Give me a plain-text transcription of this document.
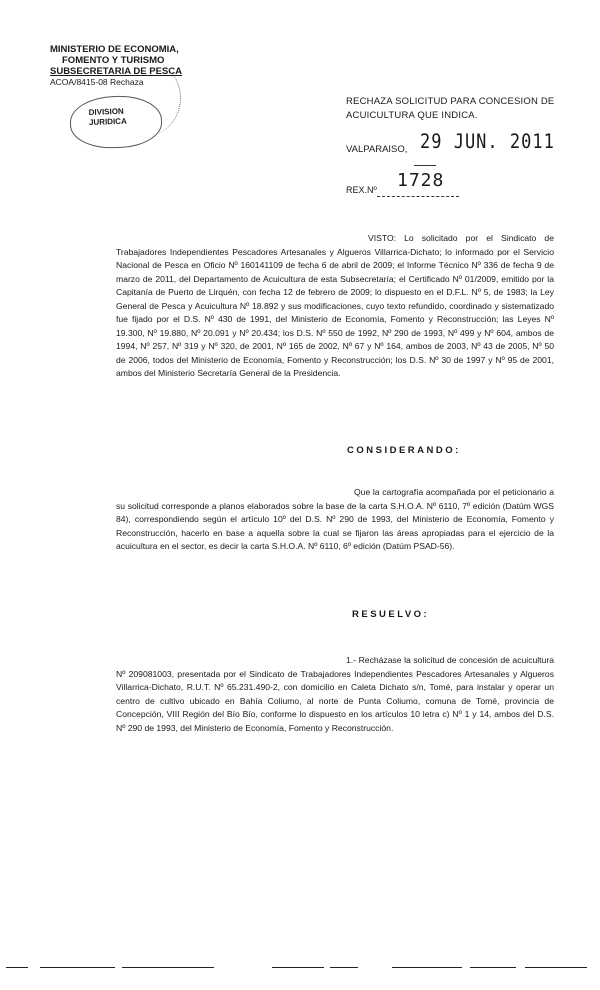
MINISTERIO DE ECONOMIA,
FOMENTO Y TURISMO
SUBSECRETARIA DE PESCA
ACOA/8415-08 Rechaza
DIVISION
JURIDICA
RECHAZA SOLICITUD PARA CONCESION DE ACUICULTURA QUE INDICA.
29 JUN. 2011
VALPARAISO,
1728
REX.Nº
VISTO: Lo solicitado por el Sindicato de Trabajadores Independientes Pescadores Artesanales y Algueros Villarrica-Dichato; lo informado por el Servicio Nacional de Pesca en Oficio Nº 160141109 de fecha 6 de abril de 2009; el Informe Técnico Nº 336 de fecha 9 de marzo de 2011, del Departamento de Acuicultura de esta Subsecretaría; el Certificado Nº 01/2009, emitido por la Capitanía de Puerto de Lirquén, con fecha 12 de febrero de 2009; lo dispuesto en el D.F.L. Nº 5, de 1983; la Ley General de Pesca y Acuicultura Nº 18.892 y sus modificaciones, cuyo texto refundido, coordinado y sistematizado fue fijado por el D.S. Nº 430 de 1991, del Ministerio de Economía, Fomento y Reconstrucción; las Leyes Nº 19.300, Nº 19.880, Nº 20.091 y Nº 20.434; los D.S. Nº 550 de 1992, Nº 290 de 1993, Nº 499 y Nº 604, ambos de 1994, Nº 257, Nº 319 y Nº 320, de 2001, Nº 165 de 2002, Nº 67 y Nº 164, ambos de 2003, Nº 43 de 2005, Nº 50 de 2006, todos del Ministerio de Economía, Fomento y Reconstrucción; los D.S. Nº 30 de 1997 y Nº 95 de 2001, ambos del Ministerio Secretaría General de la Presidencia.
CONSIDERANDO:
Que la cartografía acompañada por el peticionario a su solicitud corresponde a planos elaborados sobre la base de la carta S.H.O.A. Nº 6110, 7º edición (Datúm WGS 84), correspondiendo según el artículo 10º del D.S. Nº 290 de 1993, del Ministerio de Economía, Fomento y Reconstrucción, hacerlo en base a aquella sobre la cual se fijaron las áreas apropiadas para el ejercicio de la acuicultura en el sector, es decir la carta S.H.O.A. Nº 6110, 6º edición (Datúm PSAD-56).
RESUELVO:
1.- Recházase la solicitud de concesión de acuicultura Nº 209081003, presentada por el Sindicato de Trabajadores Independientes Pescadores Artesanales y Algueros Villarrica-Dichato, R.U.T. Nº 65.231.490-2, con domicilio en Caleta Dichato s/n, Tomé, para instalar y operar un centro de cultivo ubicado en Bahía Coliumo, al norte de Punta Coliumo, comuna de Tomé, provincia de Concepción, VIII Región del Bío Bío, conforme lo dispuesto en los artículos 10 letra c) Nº 1 y 14, ambos del D.S. Nº 290 de 1993, del Ministerio de Economía, Fomento y Reconstrucción.
